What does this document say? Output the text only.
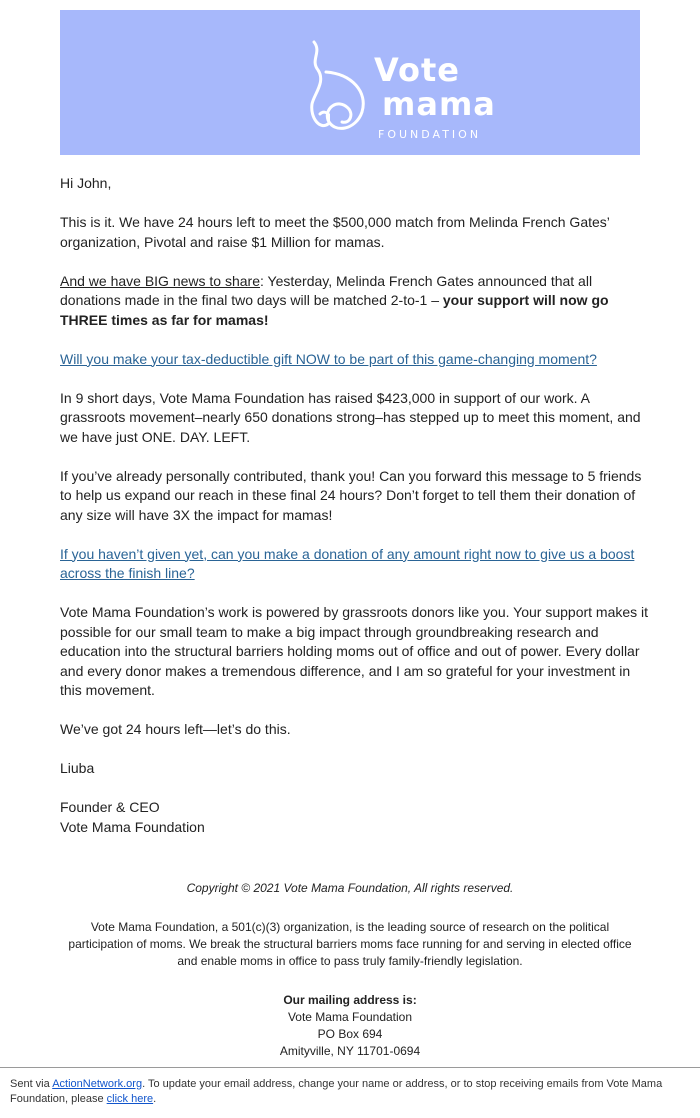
Vote
mama
FOUNDATION

Hi John,

This is it. We have 24 hours left to meet the $500,000 match from Melinda French Gates’ organization, Pivotal and raise $1 Million for mamas.

And we have BIG news to share: Yesterday, Melinda French Gates announced that all donations made in the final two days will be matched 2-to-1 – your support will now go THREE times as far for mamas!

Will you make your tax-deductible gift NOW to be part of this game-changing moment?

In 9 short days, Vote Mama Foundation has raised $423,000 in support of our work. A grassroots movement–nearly 650 donations strong–has stepped up to meet this moment, and we have just ONE. DAY. LEFT.

If you’ve already personally contributed, thank you! Can you forward this message to 5 friends to help us expand our reach in these final 24 hours? Don’t forget to tell them their donation of any size will have 3X the impact for mamas!

If you haven’t given yet, can you make a donation of any amount right now to give us a boost across the finish line?

Vote Mama Foundation’s work is powered by grassroots donors like you. Your support makes it possible for our small team to make a big impact through groundbreaking research and education into the structural barriers holding moms out of office and out of power. Every dollar and every donor makes a tremendous difference, and I am so grateful for your investment in this movement.

We’ve got 24 hours left—let’s do this.

Liuba

Founder & CEO
Vote Mama Foundation
Copyright © 2021 Vote Mama Foundation, All rights reserved.
Vote Mama Foundation, a 501(c)(3) organization, is the leading source of research on the political participation of moms. We break the structural barriers moms face running for and serving in elected office and enable moms in office to pass truly family-friendly legislation.
Our mailing address is:
Vote Mama Foundation
PO Box 694
Amityville, NY 11701-0694
Sent via ActionNetwork.org. To update your email address, change your name or address, or to stop receiving emails from Vote Mama Foundation, please click here.
